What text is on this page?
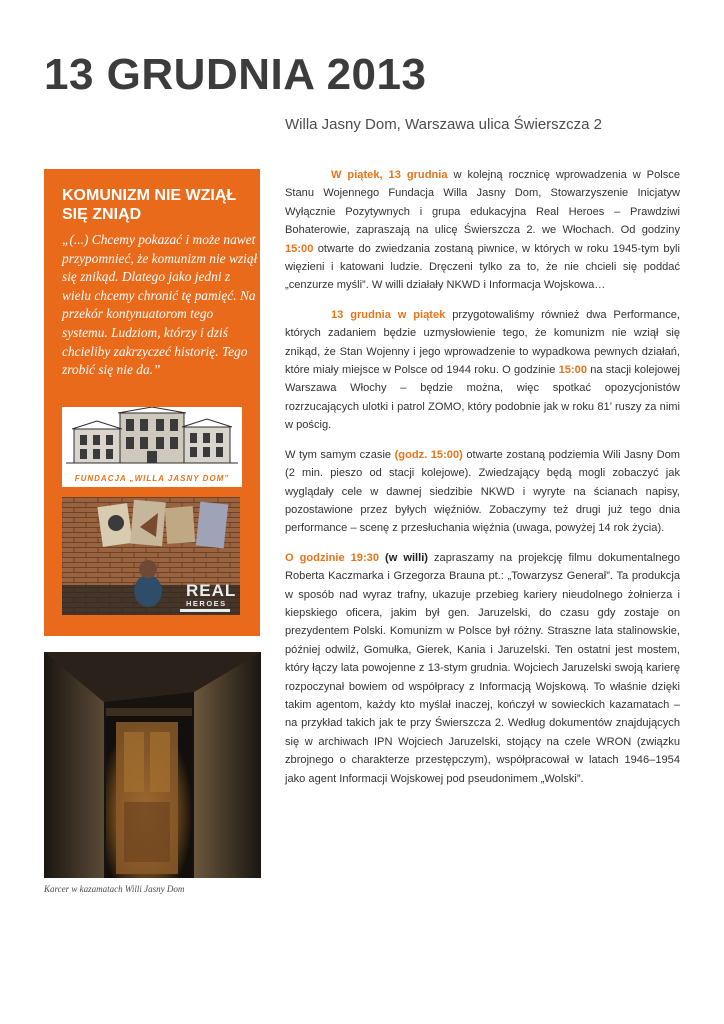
13 GRUDNIA 2013
Willa Jasny Dom, Warszawa ulica Świerszcza 2
KOMUNIZM NIE WZIĄŁ SIĘ ZNIĄD
„(...) Chcemy pokazać i może nawet przypomnieć, że komunizm nie wziął się znikąd. Dlatego jako jedni z wielu chcemy chronić tę pamięć. Na przekór kontynuatorom tego systemu. Ludziom, którzy i dziś chcieliby zakrzyczeć historię. Tego zrobić się nie da.”
FUNDACJA „WILLA JASNY DOM”
REAL
HEROES
Karcer w kazamatach Willi Jasny Dom

W piątek, 13 grudnia w kolejną rocznicę wprowadzenia w Polsce Stanu Wojennego Fundacja Willa Jasny Dom, Stowarzyszenie Inicjatyw Wyłącznie Pozytywnych i grupa edukacyjna Real Heroes – Prawdziwi Bohaterowie, zapraszają na ulicę Świerszcza 2. we Włochach. Od godziny 15:00 otwarte do zwiedzania zostaną piwnice, w których w roku 1945-tym byli więzieni i katowani ludzie. Dręczeni tylko za to, że nie chcieli się poddać „cenzurze myśli”. W willi działały NKWD i Informacja Wojskowa…

13 grudnia w piątek przygotowaliśmy również dwa Performance, których zadaniem będzie uzmysłowienie tego, że komunizm nie wziął się znikąd, że Stan Wojenny i jego wprowadzenie to wypadkowa pewnych działań, które miały miejsce w Polsce od 1944 roku. O godzinie 15:00 na stacji kolejowej Warszawa Włochy – będzie można, więc spotkać opozycjonistów rozrzucających ulotki i patrol ZOMO, który podobnie jak w roku 81’ ruszy za nimi w pościg.

W tym samym czasie (godz. 15:00) otwarte zostaną podziemia Wili Jasny Dom (2 min. pieszo od stacji kolejowe). Zwiedzający będą mogli zobaczyć jak wyglądały cele w dawnej siedzibie NKWD i wyryte na ścianach napisy, pozostawione przez byłych więźniów. Zobaczymy też drugi już tego dnia performance – scenę z przesłuchania więźnia (uwaga, powyżej 14 rok życia).

O godzinie 19:30 (w willi) zapraszamy na projekcję filmu dokumentalnego Roberta Kaczmarka i Grzegorza Brauna pt.: „Towarzysz Generał”. Ta produkcja w sposób nad wyraz trafny, ukazuje przebieg kariery nieudolnego żołnierza i kiepskiego oficera, jakim był gen. Jaruzelski, do czasu gdy zostaje on prezydentem Polski. Komunizm w Polsce był różny. Straszne lata stalinowskie, później odwilż, Gomułka, Gierek, Kania i Jaruzelski. Ten ostatni jest mostem, który łączy lata powojenne z 13-stym grudnia. Wojciech Jaruzelski swoją karierę rozpoczynał bowiem od współpracy z Informacją Wojskową. To właśnie dzięki takim agentom, każdy kto myślał inaczej, kończył w sowieckich kazamatach – na przykład takich jak te przy Świerszcza 2. Według dokumentów znajdujących się w archiwach IPN Wojciech Jaruzelski, stojący na czele WRON (związku zbrojnego o charakterze przestępczym), współpracował w latach 1946–1954 jako agent Informacji Wojskowej pod pseudonimem „Wolski”.
